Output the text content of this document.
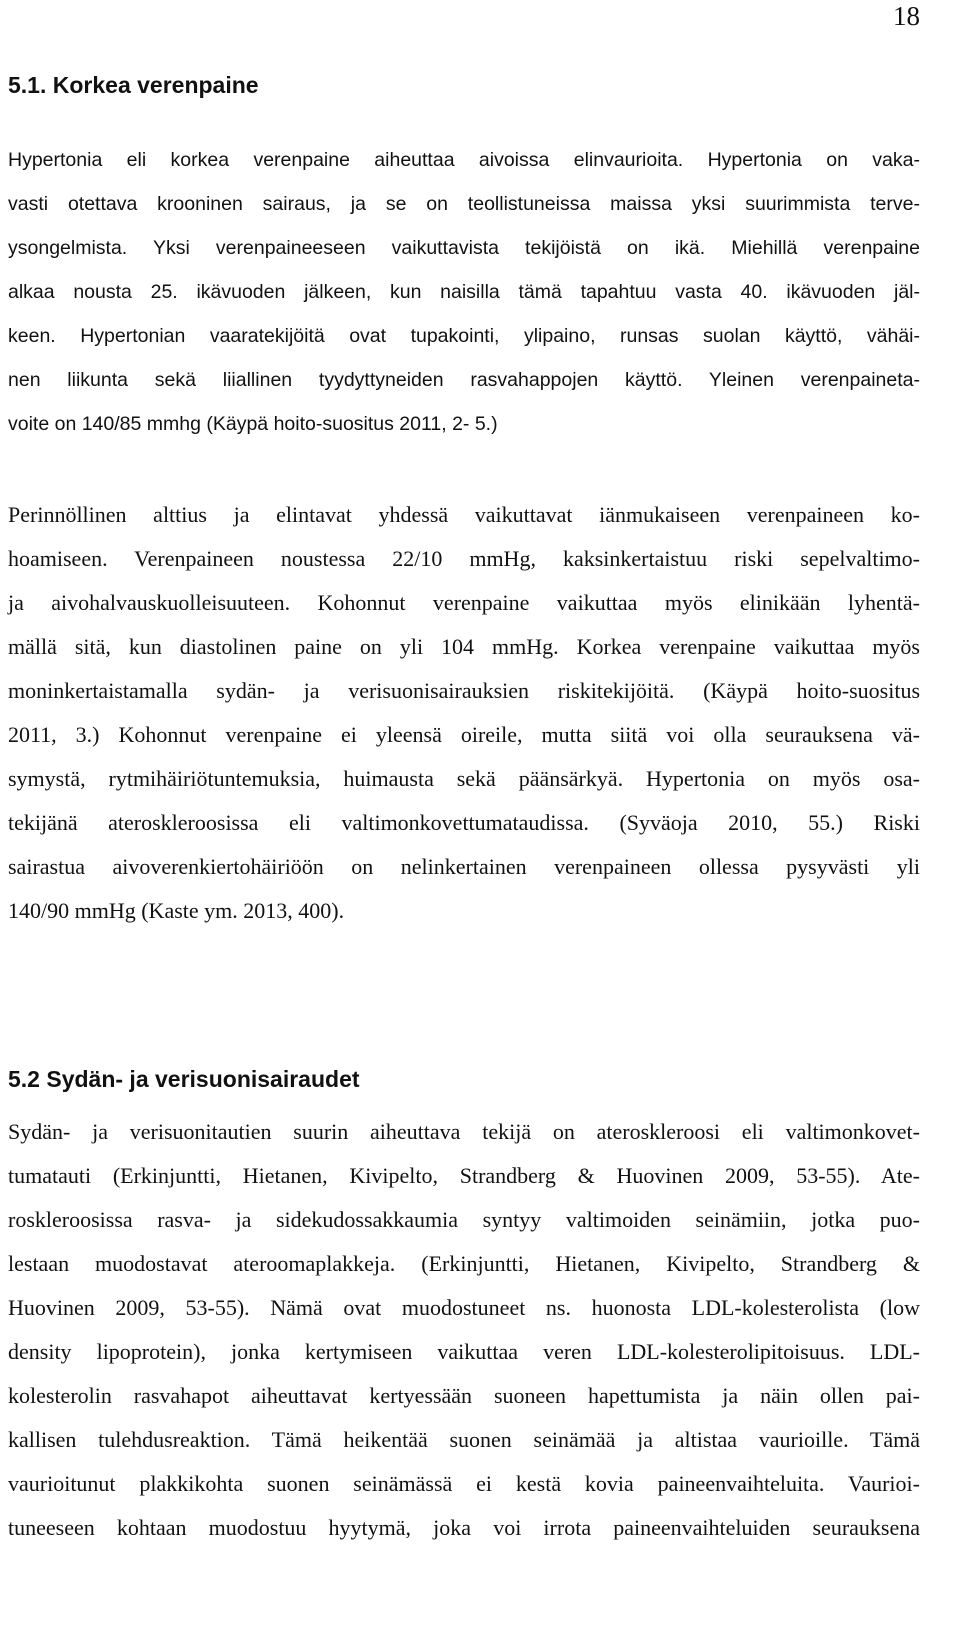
18
5.1. Korkea verenpaine
Hypertonia eli korkea verenpaine aiheuttaa aivoissa elinvaurioita. Hypertonia on vaka-
vasti otettava krooninen sairaus, ja se on teollistuneissa maissa yksi suurimmista terve-
ysongelmista. Yksi verenpaineeseen vaikuttavista tekijöistä on ikä. Miehillä verenpaine
alkaa nousta 25. ikävuoden jälkeen, kun naisilla tämä tapahtuu vasta 40. ikävuoden jäl-
keen. Hypertonian vaaratekijöitä ovat tupakointi, ylipaino, runsas suolan käyttö, vähäi-
nen liikunta sekä liiallinen tyydyttyneiden rasvahappojen käyttö. Yleinen verenpaineta-
voite on 140/85 mmhg (Käypä hoito-suositus 2011, 2- 5.)
Perinnöllinen alttius ja elintavat yhdessä vaikuttavat iänmukaiseen verenpaineen ko-
hoamiseen. Verenpaineen noustessa 22/10 mmHg, kaksinkertaistuu riski sepelvaltimo-
ja aivohalvauskuolleisuuteen. Kohonnut verenpaine vaikuttaa myös elinikään lyhentä-
mällä sitä, kun diastolinen paine on yli 104 mmHg. Korkea verenpaine vaikuttaa myös
moninkertaistamalla sydän- ja verisuonisairauksien riskitekijöitä. (Käypä hoito-suositus
2011, 3.) Kohonnut verenpaine ei yleensä oireile, mutta siitä voi olla seurauksena vä-
symystä, rytmihäiriötuntemuksia, huimausta sekä päänsärkyä. Hypertonia on myös osa-
tekijänä ateroskleroosissa eli valtimonkovettumataudissa. (Syväoja 2010, 55.) Riski
sairastua aivoverenkiertohäiriöön on nelinkertainen verenpaineen ollessa pysyvästi yli
140/90 mmHg (Kaste ym. 2013, 400).
5.2 Sydän- ja verisuonisairaudet
Sydän- ja verisuonitautien suurin aiheuttava tekijä on ateroskleroosi eli valtimonkovet-
tumatauti (Erkinjuntti, Hietanen, Kivipelto, Strandberg & Huovinen 2009, 53-55). Ate-
roskleroosissa rasva- ja sidekudossakkaumia syntyy valtimoiden seinämiin, jotka puo-
lestaan muodostavat ateroomaplakkeja. (Erkinjuntti, Hietanen, Kivipelto, Strandberg &
Huovinen 2009, 53-55). Nämä ovat muodostuneet ns. huonosta LDL-kolesterolista (low
density lipoprotein), jonka kertymiseen vaikuttaa veren LDL-kolesterolipitoisuus. LDL-
kolesterolin rasvahapot aiheuttavat kertyessään suoneen hapettumista ja näin ollen pai-
kallisen tulehdusreaktion. Tämä heikentää suonen seinämää ja altistaa vaurioille. Tämä
vaurioitunut plakkikohta suonen seinämässä ei kestä kovia paineenvaihteluita. Vaurioi-
tuneeseen kohtaan muodostuu hyytymä, joka voi irrota paineenvaihteluiden seurauksena
